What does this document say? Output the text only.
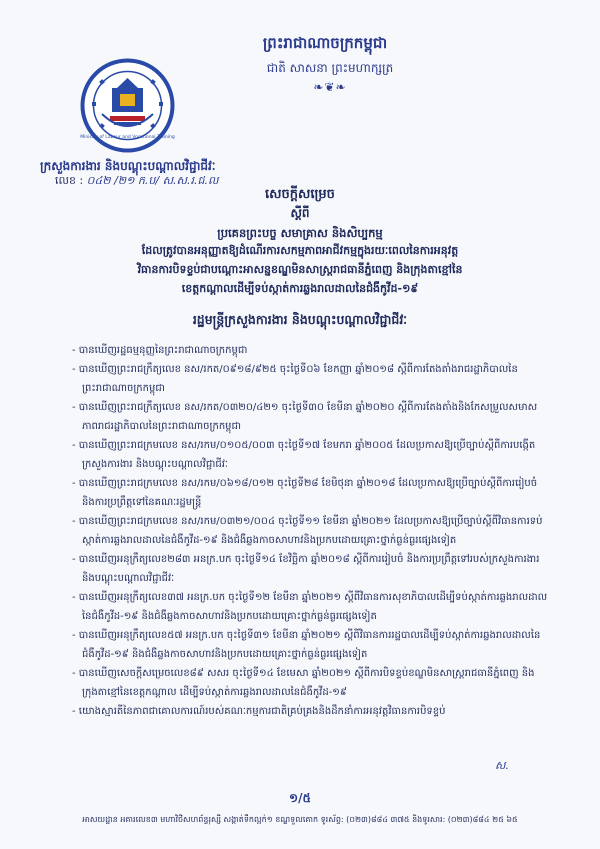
ព្រះរាជាណាចក្រកម្ពុជា
ជាតិ សាសនា ព្រះមហាក្សត្រ
❧❦❧
Ministry of Labour and Vocational Training
ក្រសួងការងារ និងបណ្តុះបណ្តាលវិជ្ជាជីវៈ
លេខ : ០៤២ /២១ ក.ប/ ស.ស.រ.ជ.ល
សេចក្តីសម្រេច
ស្តីពី
ប្រគេនព្រះបច្ច សមាគ្រាស និងសិប្បកម្ម
ដែលត្រូវបានអនុញ្ញាតឱ្យដំណើរការសកម្មភាពអាជីវកម្មក្នុងរយៈពេលនៃការអនុវត្ត
វិធានការបិទខ្ទប់ជាបណ្តោះអាសន្នខណ្ឌមិនសាស្រ្តរាជធានីភ្នំពេញ និងក្រុងតាខ្មៅនៃ
ខេត្តកណ្តាលដើម្បីទប់ស្កាត់ការឆ្លងរាលដាលនៃជំងឺកូវីដ-១៩
រដ្ឋមន្រ្តីក្រសួងការងារ និងបណ្តុះបណ្តាលវិជ្ជាជីវៈ
- បានឃើញរដ្ឋធម្មនុញ្ញនៃព្រះរាជាណាចក្រកម្ពុជា
- បានឃើញព្រះរាជក្រឹត្យលេខ នស/រកត/០៩១៨/៩២៥ ចុះថ្ងៃទី០៦ ខែកញ្ញា ឆ្នាំ២០១៨ ស្តីពីការតែងតាំងរាជរដ្ឋាភិបាលនៃព្រះរាជាណាចក្រកម្ពុជា
- បានឃើញព្រះរាជក្រឹត្យលេខ នស/រកត/០៣២០/៤២១ ចុះថ្ងៃទី៣០ ខែមីនា ឆ្នាំ២០២០ ស្តីពីការតែងតាំងនិងកែសម្រួលសមាសភាពរាជរដ្ឋាភិបាលនៃព្រះរាជាណាចក្រកម្ពុជា
- បានឃើញព្រះរាជក្រមលេខ នស/រកម/០១០៥/០០៣ ចុះថ្ងៃទី១៧ ខែមករា ឆ្នាំ២០០៥ ដែលប្រកាសឱ្យប្រើច្បាប់ស្តីពីការបង្កើតក្រសួងការងារ និងបណ្តុះបណ្តាលវិជ្ជាជីវៈ
- បានឃើញព្រះរាជក្រមលេខ នស/រកម/០៦១៨/០១២ ចុះថ្ងៃទី២៨ ខែមិថុនា ឆ្នាំ២០១៨ ដែលប្រកាសឱ្យប្រើច្បាប់ស្តីពីការរៀបចំ និងការប្រព្រឹត្តទៅនៃគណៈរដ្ឋមន្រ្តី
- បានឃើញព្រះរាជក្រមលេខ នស/រកម/០៣២១/០០៤ ចុះថ្ងៃទី១១ ខែមីនា ឆ្នាំ២០២១ ដែលប្រកាសឱ្យប្រើច្បាប់ស្តីពីវិធានការទប់ស្កាត់ការឆ្លងរាលដាលនៃជំងឺកូវីដ-១៩ និងជំងឺឆ្លងកាចសាហាវនិងប្រកបដោយគ្រោះថ្នាក់ធ្ងន់ធ្ងរផ្សេងទៀត
- បានឃើញអនុក្រឹត្យលេខ២៨៣ អនក្រ.បក ចុះថ្ងៃទី១៤ ខែវិច្ឆិកា ឆ្នាំ២០១៨ ស្តីពីការរៀបចំ និងការប្រព្រឹត្តទៅរបស់ក្រសួងការងារ និងបណ្តុះបណ្តាលវិជ្ជាជីវៈ
- បានឃើញអនុក្រឹត្យលេខ៣៧ អនក្រ.បក ចុះថ្ងៃទី១២ ខែមីនា ឆ្នាំ២០២១ ស្តីពីវិធានការសុខាភិបាលដើម្បីទប់ស្កាត់ការឆ្លងរាលដាលនៃជំងឺកូវីដ-១៩ និងជំងឺឆ្លងកាចសាហាវនិងប្រកបដោយគ្រោះថ្នាក់ធ្ងន់ធ្ងរផ្សេងទៀត
- បានឃើញអនុក្រឹត្យលេខ៥៧ អនក្រ.បក ចុះថ្ងៃទី៣១ ខែមីនា ឆ្នាំ២០២១ ស្តីពីវិធានការរដ្ឋបាលដើម្បីទប់ស្កាត់ការឆ្លងរាលដាលនៃជំងឺកូវីដ-១៩ និងជំងឺឆ្លងកាចសាហាវនិងប្រកបដោយគ្រោះថ្នាក់ធ្ងន់ធ្ងរផ្សេងទៀត
- បានឃើញសេចក្តីសម្រេចលេខ៨៩ សសរ ចុះថ្ងៃទី១៤ ខែមេសា ឆ្នាំ២០២១ ស្តីពីការបិទខ្ទប់ខណ្ឌមិនសាស្ត្ររាជធានីភ្នំពេញ និងក្រុងតាខ្មៅនៃខេត្តកណ្តាល ដើម្បីទប់ស្កាត់ការឆ្លងរាលដាលនៃជំងឺកូវីដ-១៩
- យោងស្មារតីនៃភាពជាគោលការណ៍របស់គណៈកម្មការជាតិគ្រប់គ្រងនិងដឹកនាំការអនុវត្តវិធានការបិទខ្ទប់
ស.
១/៥
អាសយដ្ឋាន អគារលេខ៣ មហាវិថីសហព័ន្ធរុស្សី សង្កាត់ទឹកល្អក់១ ខណ្ឌទួលគោក ទូរស័ព្ទ: (០២៣)៨៨៤ ៣៧៥ និងទូរសារ: (០២៣)៨៨៤ ២៥ ៦៥
